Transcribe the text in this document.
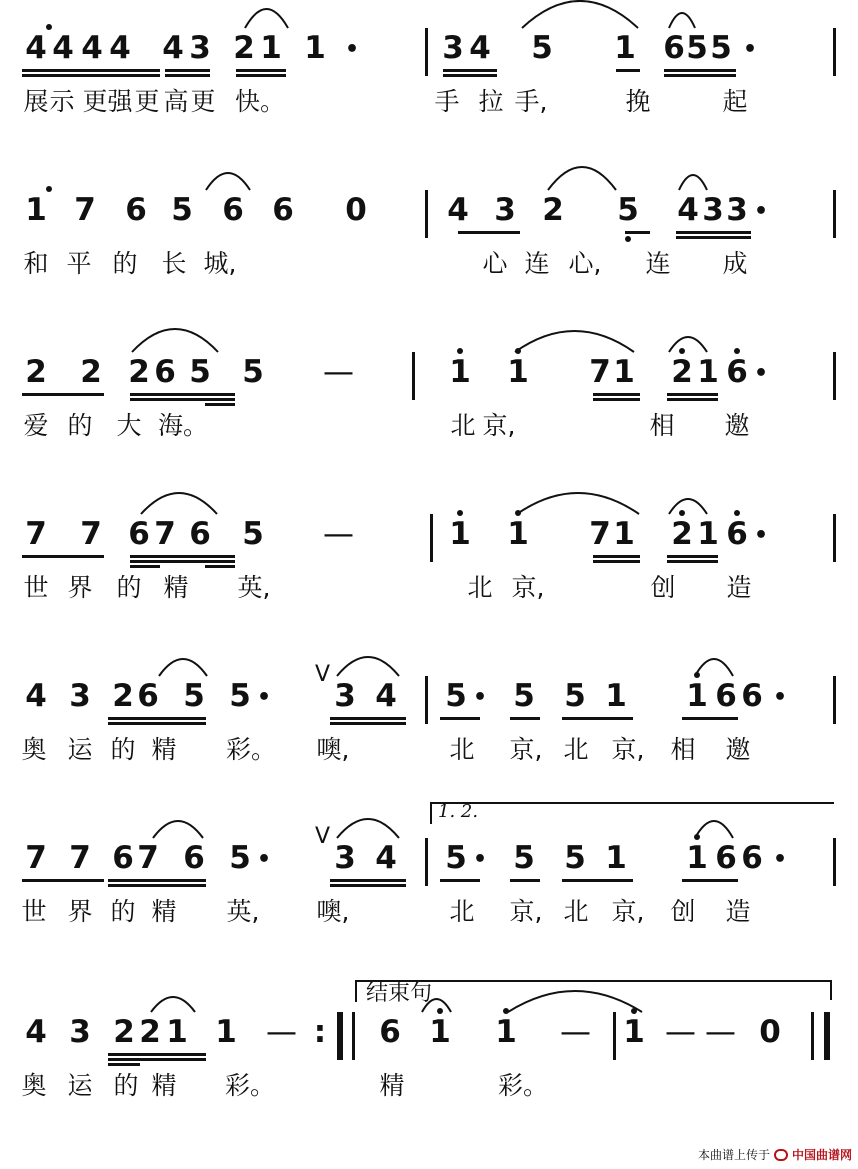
4 4 4 4 4 3 2 1 1 •	3 4 5 1 6 5 5 •
展 示 更 强 更 高 更 快。	手 拉 手,	挽	起
1 7 6 5 6 6 0	4 3 2 5 4 3 3 •
和 平 的 长 城,	心 连 心, 连 成
2 2 2 6 5 5 —	1 1 7 1 2 1 6 •
爱 的 大 海。	北 京,	相 邀
7 7 6 7 6 5 —	1 1 7 1 2 1 6 •
世 界 的 精 英,	北 京,	创 造
4 3 2 6 5 5 • 3 4 5 • 5 5 1 1 6 6 •
奥 运 的 精 彩。 噢,	北 京, 北 京, 相 邀
V
7 7 6 7 6 5 • 3 4 5 • 5 5 1 1 6 6 •
世 界 的 精 英, 噢,	北 京, 北 京, 创 造
V
1. 2.
4 3 2 2 1 1 — : 6 1 1 — 1 — — 0
奥 运 的 精 彩。	精	彩。
结束句
本曲谱上传于 中国曲谱网
